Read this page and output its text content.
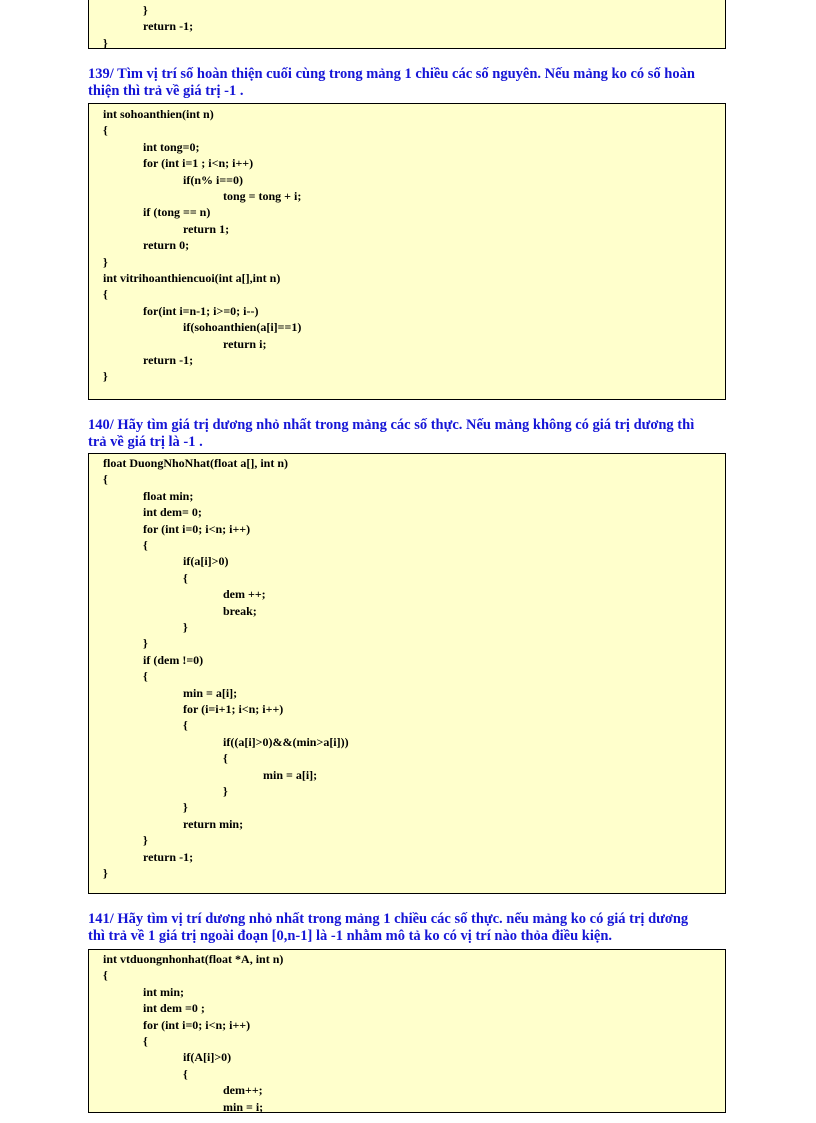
}
return -1;
}
139/ Tìm vị trí số hoàn thiện cuối cùng trong mảng 1 chiều các số nguyên. Nếu mảng ko có số hoàn
thiện thì trả về giá trị -1 .
int sohoanthien(int n)
{
int tong=0;
for (int i=1 ; i<n; i++)
if(n% i==0)
tong = tong + i;
if (tong == n)
return 1;
return 0;
}
int vitrihoanthiencuoi(int a[],int n)
{
for(int i=n-1; i>=0; i--)
if(sohoanthien(a[i]==1)
return i;
return -1;
}
140/ Hãy tìm giá trị dương nhỏ nhất trong mảng các số thực. Nếu mảng không có giá trị dương thì
trả về giá trị là -1 .
float DuongNhoNhat(float a[], int n)
{
float min;
int dem= 0;
for (int i=0; i<n; i++)
{
if(a[i]>0)
{
dem ++;
break;
}
}
if (dem !=0)
{
min = a[i];
for (i=i+1; i<n; i++)
{
if((a[i]>0)&&(min>a[i]))
{
min = a[i];
}
}
return min;
}
return -1;
}
141/ Hãy tìm vị trí dương nhỏ nhất trong mảng 1 chiều các số thực. nếu mảng ko có giá trị dương
thì trả về 1 giá trị ngoài đoạn [0,n-1] là -1 nhằm mô tả ko có vị trí nào thỏa điều kiện.
int vtduongnhonhat(float *A, int n)
{
int min;
int dem =0 ;
for (int i=0; i<n; i++)
{
if(A[i]>0)
{
dem++;
min = i;
